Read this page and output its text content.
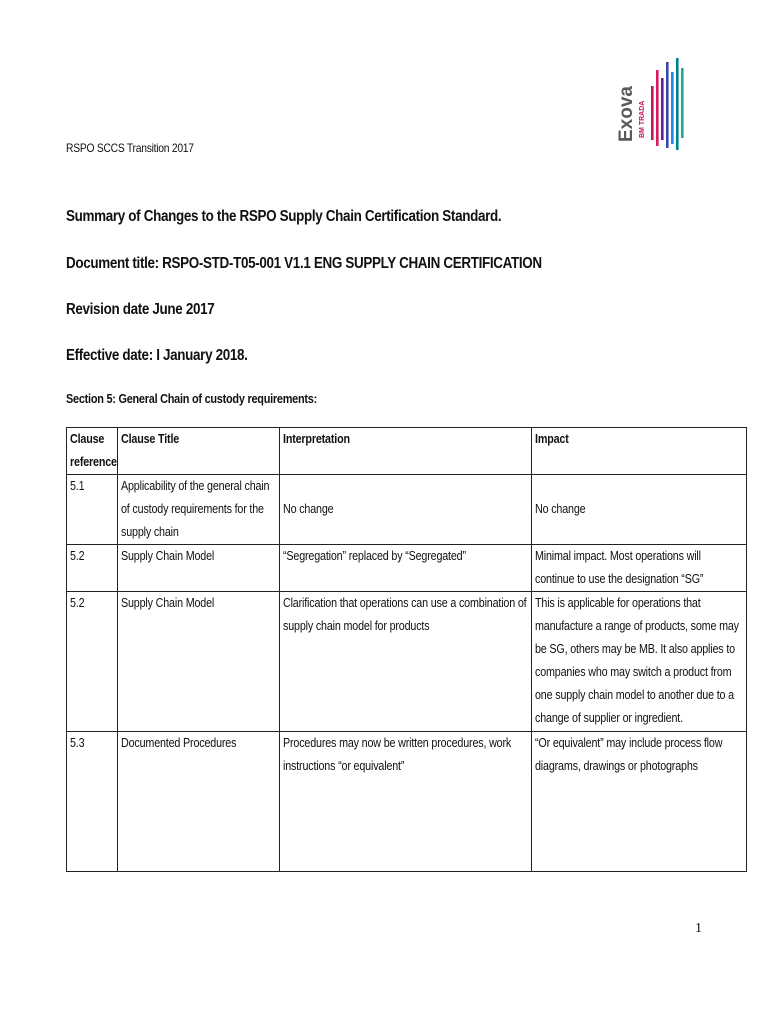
Exova BM TRADA
RSPO SCCS Transition 2017
Summary of Changes to the RSPO Supply Chain Certification Standard.
Document title: RSPO-STD-T05-001 V1.1 ENG SUPPLY CHAIN CERTIFICATION
Revision date June 2017
Effective date: I January 2018.
Section 5: General Chain of custody requirements:
Clause reference	Clause Title	Interpretation	Impact

5.1	Applicability of the general chain of custody requirements for the supply chain	No change	No change

5.2	Supply Chain Model	“Segregation” replaced by “Segregated”	Minimal impact. Most operations will continue to use the designation “SG”

5.2	Supply Chain Model	Clarification that operations can use a combination of supply chain model for products	This is applicable for operations that manufacture a range of products, some may be SG, others may be MB. It also applies to companies who may switch a product from one supply chain model to another due to a change of supplier or ingredient.

5.3	Documented Procedures	Procedures may now be written procedures, work instructions “or equivalent”	“Or equivalent” may include process flow diagrams, drawings or photographs
1
